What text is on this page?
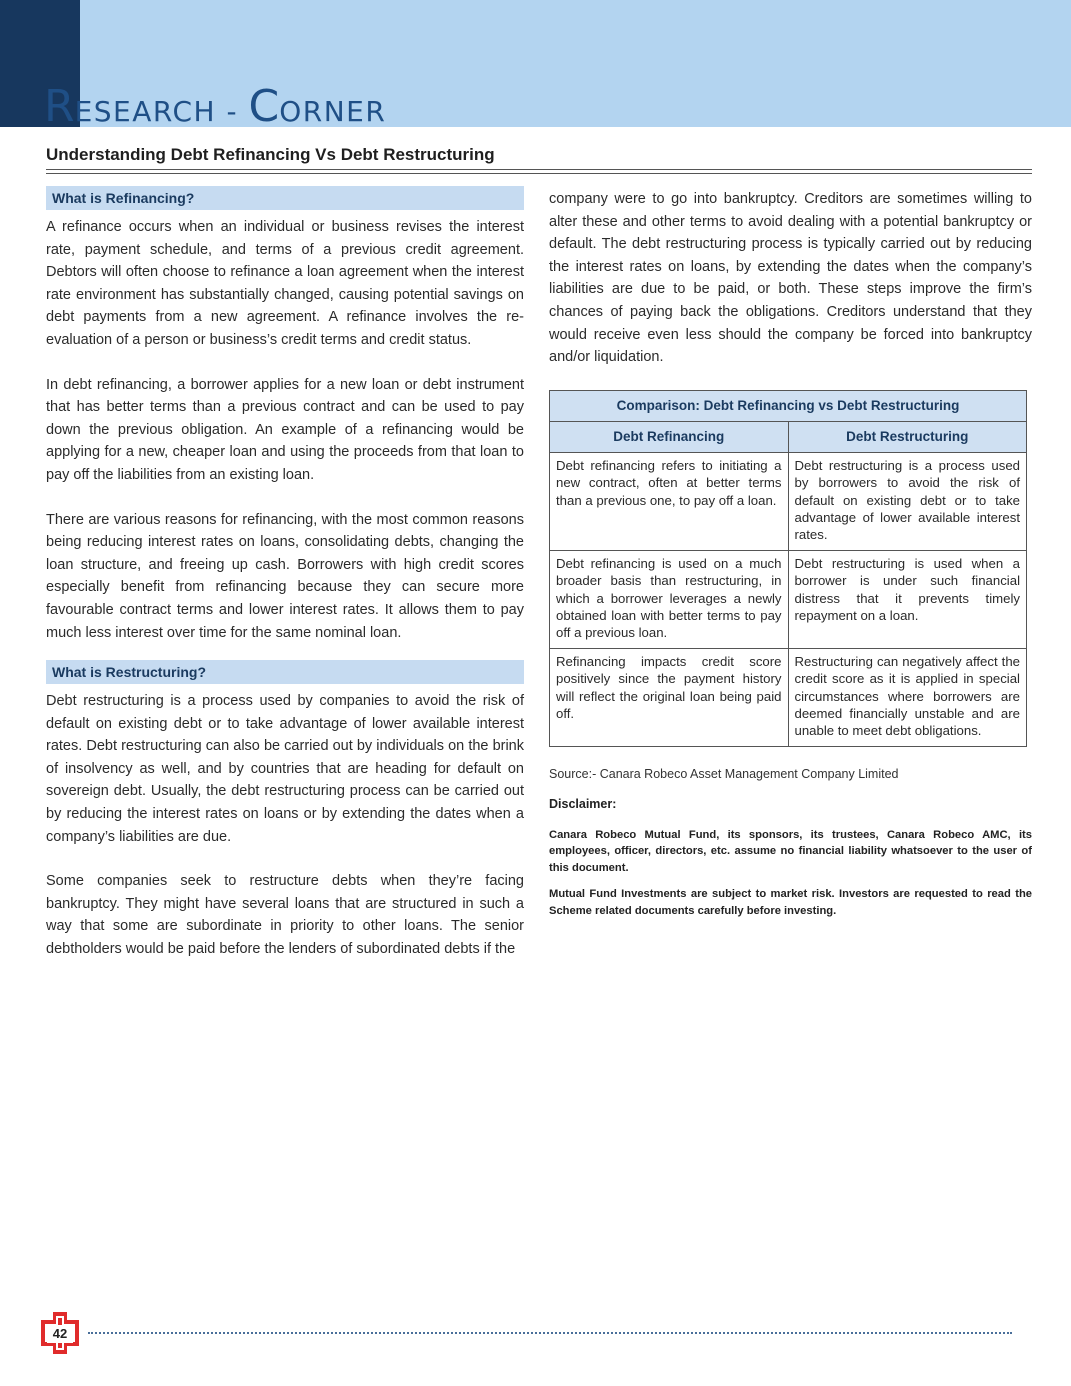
RESEARCH - CORNER
Understanding Debt Refinancing Vs Debt Restructuring
What is Refinancing?

A refinance occurs when an individual or business revises the interest rate, payment schedule, and terms of a previous credit agreement. Debtors will often choose to refinance a loan agreement when the interest rate environment has substantially changed, causing potential savings on debt payments from a new agreement. A refinance involves the re-evaluation of a person or business’s credit terms and credit status.

In debt refinancing, a borrower applies for a new loan or debt instrument that has better terms than a previous contract and can be used to pay down the previous obligation. An example of a refinancing would be applying for a new, cheaper loan and using the proceeds from that loan to pay off the liabilities from an existing loan.

There are various reasons for refinancing, with the most common reasons being reducing interest rates on loans, consolidating debts, changing the loan structure, and freeing up cash. Borrowers with high credit scores especially benefit from refinancing because they can secure more favourable contract terms and lower interest rates. It allows them to pay much less interest over time for the same nominal loan.

What is Restructuring?

Debt restructuring is a process used by companies to avoid the risk of default on existing debt or to take advantage of lower available interest rates. Debt restructuring can also be carried out by individuals on the brink of insolvency as well, and by countries that are heading for default on sovereign debt. Usually, the debt restructuring process can be carried out by reducing the interest rates on loans or by extending the dates when a company’s liabilities are due.

Some companies seek to restructure debts when they’re facing bankruptcy. They might have several loans that are structured in such a way that some are subordinate in priority to other loans. The senior debtholders would be paid before the lenders of subordinated debts if the

company were to go into bankruptcy. Creditors are sometimes willing to alter these and other terms to avoid dealing with a potential bankruptcy or default. The debt restructuring process is typically carried out by reducing the interest rates on loans, by extending the dates when the company’s liabilities are due to be paid, or both. These steps improve the firm’s chances of paying back the obligations. Creditors understand that they would receive even less should the company be forced into bankruptcy and/or liquidation.

Comparison: Debt Refinancing vs Debt Restructuring	
Debt Refinancing	Debt Restructuring
Debt refinancing refers to initiating a new contract, often at better terms than a previous one, to pay off a loan.	Debt restructuring is a process used by borrowers to avoid the risk of default on existing debt or to take advantage of lower available interest rates.
Debt refinancing is used on a much broader basis than restructuring, in which a borrower leverages a newly obtained loan with better terms to pay off a previous loan.	Debt restructuring is used when a borrower is under such financial distress that it prevents timely repayment on a loan.
Refinancing impacts credit score positively since the payment history will reflect the original loan being paid off.	Restructuring can negatively affect the credit score as it is applied in special circumstances where borrowers are deemed financially unstable and are unable to meet debt obligations.
Source:- Canara Robeco Asset Management Company Limited
Disclaimer:
Canara Robeco Mutual Fund, its sponsors, its trustees, Canara Robeco AMC, its employees, officer, directors, etc. assume no financial liability whatsoever to the user of this document.
Mutual Fund Investments are subject to market risk. Investors are requested to read the Scheme related documents carefully before investing.
42
